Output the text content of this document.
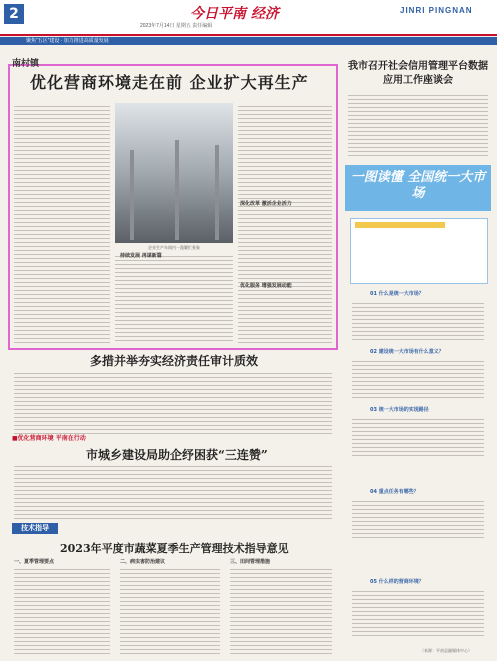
2	今日平南 经济	JINRI PINGNAN
2023年7月14日 星期五 责任编辑
聚焦“五区”建设 · 加力推进高质量发展
南村镇
优化营商环境走在前 企业扩大再生产
企业生产车间内一派繁忙景象
持续发展 再谋新篇
深化改革 激活企业活力
优化服务 增强发展动能
多措并举夯实经济责任审计质效
■优化营商环境 平南在行动
市城乡建设局助企纾困获“三连赞”
技术指导
2023年平度市蔬菜夏季生产管理技术指导意见
一、夏季管理要点	二、病虫害防治建议	三、田间管理措施
我市召开社会信用管理平台数据应用工作座谈会
一图读懂 全国统一大市场
01 什么是统一大市场？
02 建设统一大市场有什么意义？
03 统一大市场的实现路径
04 重点任务有哪些？
05 什么样的营商环境？
（来源：平南县融媒体中心）
